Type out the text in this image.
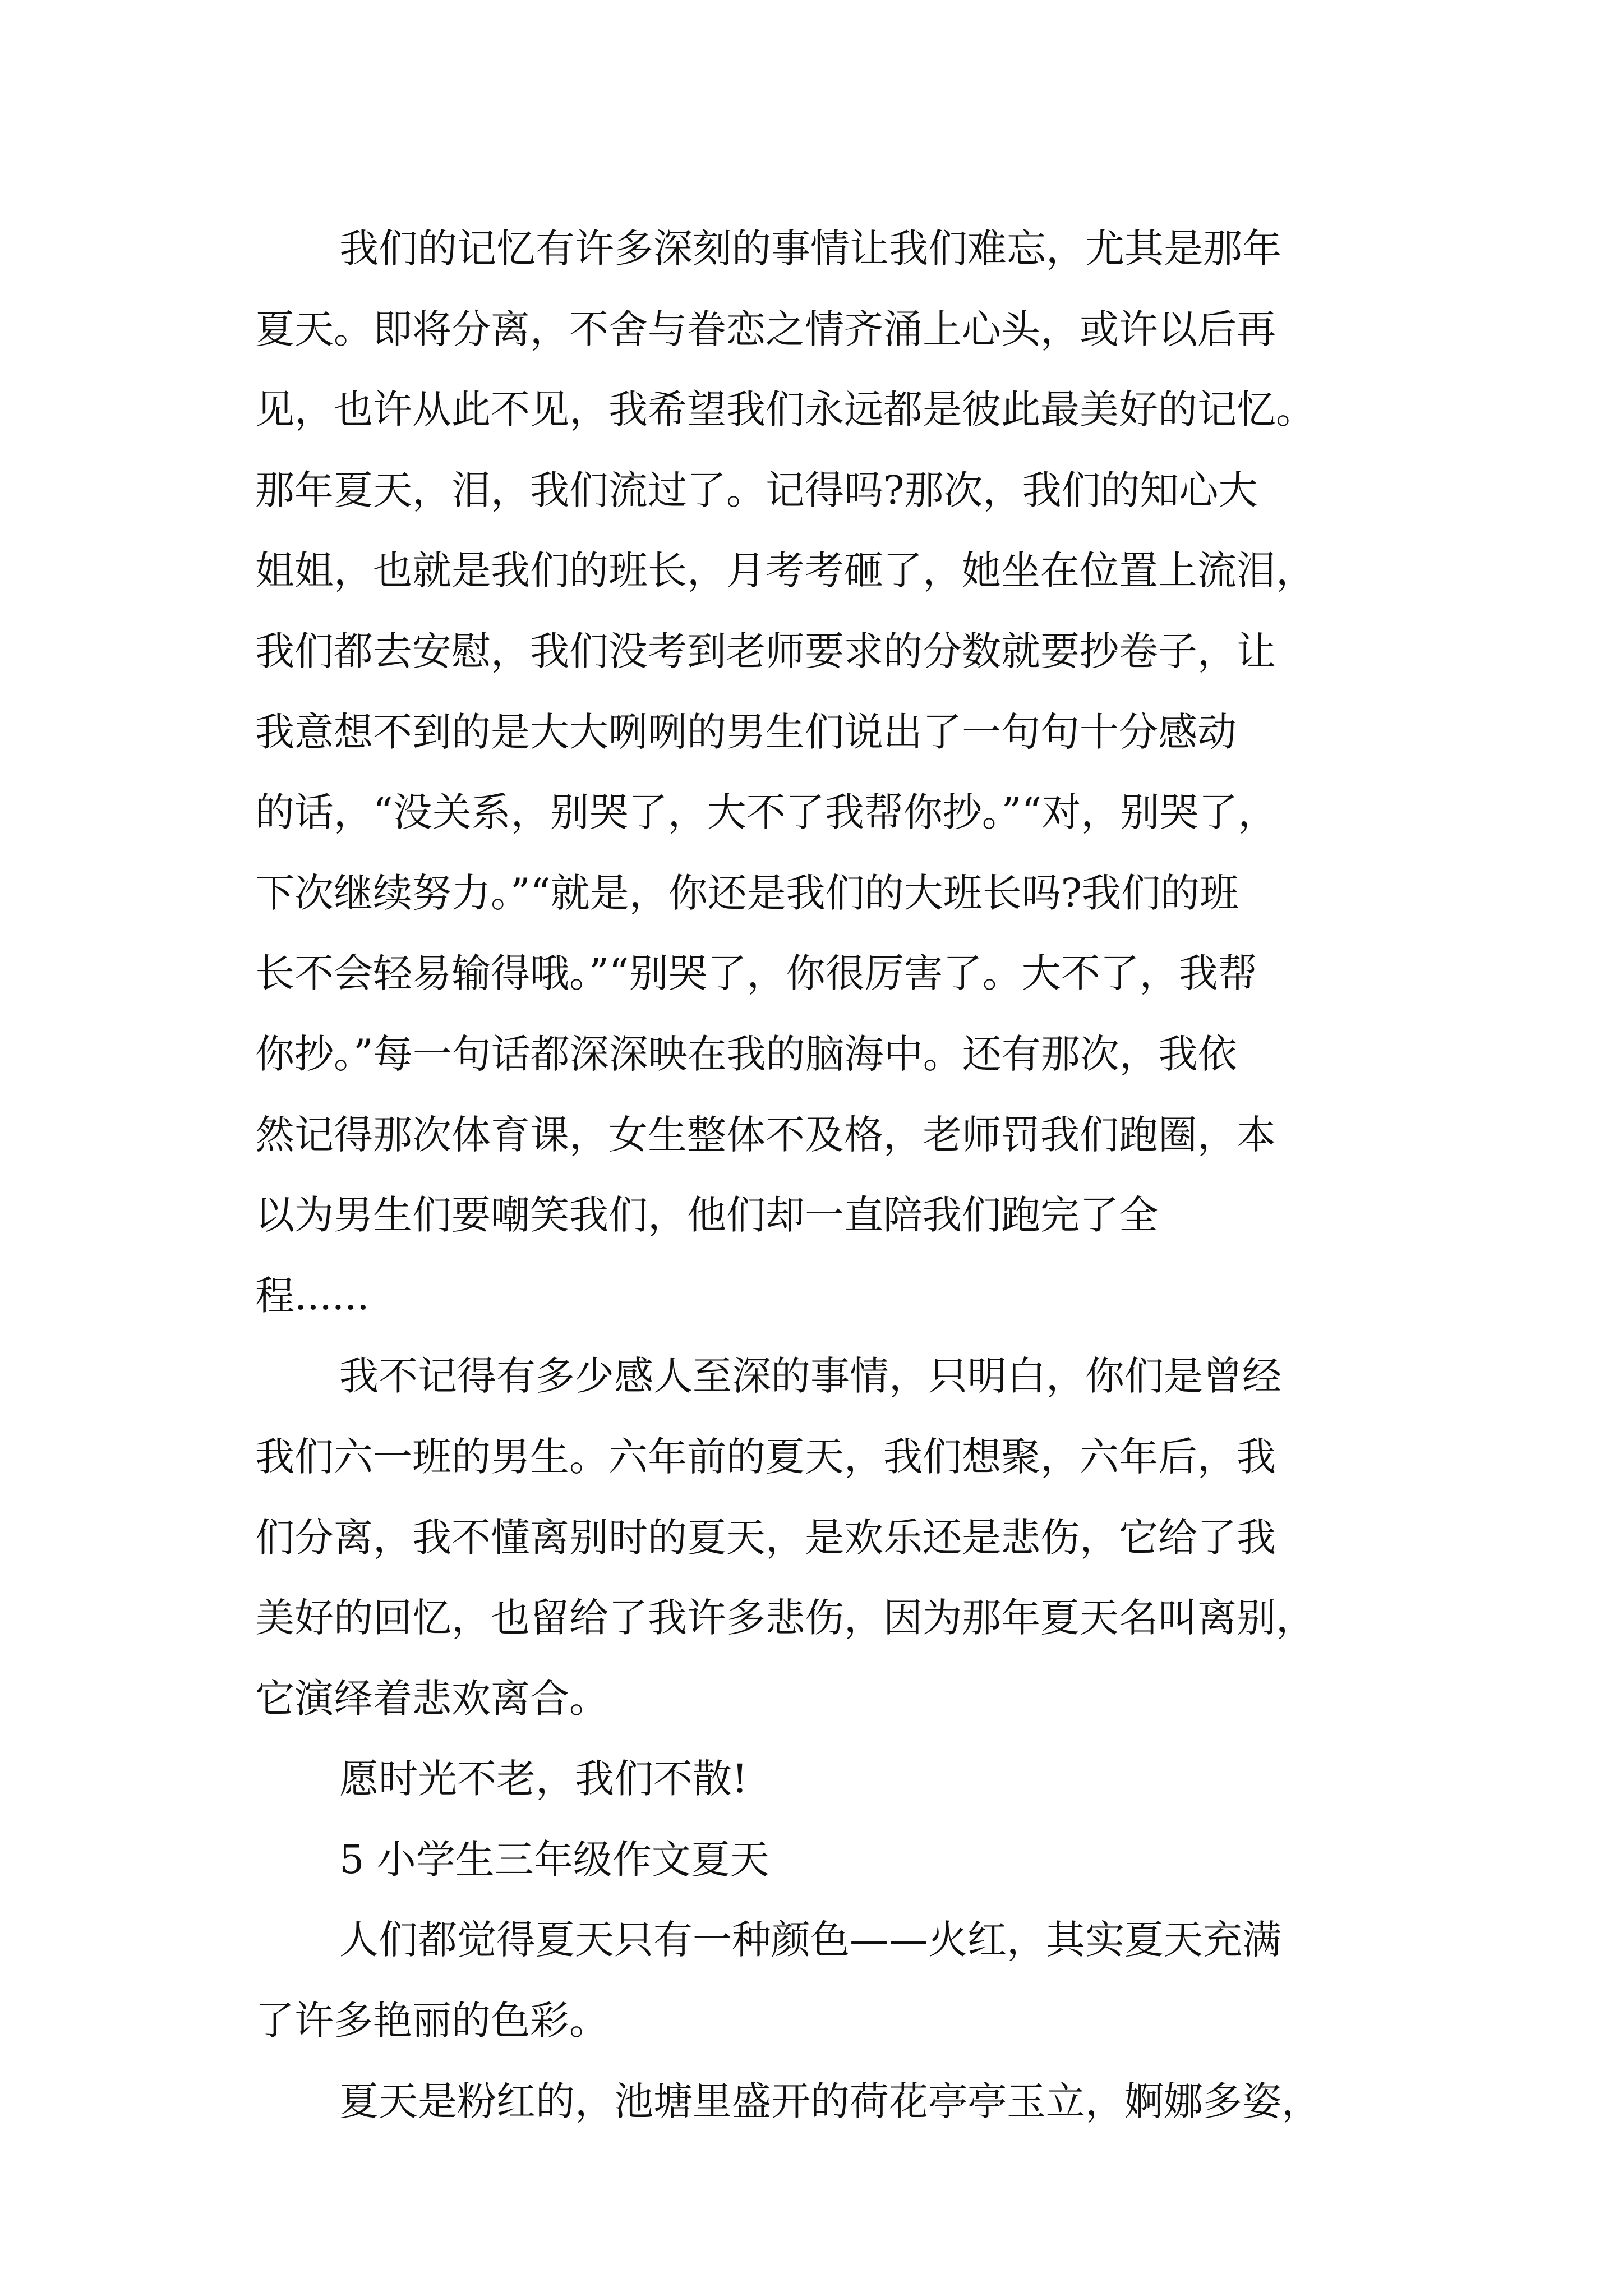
我们的记忆有许多深刻的事情让我们难忘，尤其是那年
夏天。即将分离，不舍与眷恋之情齐涌上心头，或许以后再
见，也许从此不见，我希望我们永远都是彼此最美好的记忆。
那年夏天，泪，我们流过了。记得吗?那次，我们的知心大
姐姐，也就是我们的班长，月考考砸了，她坐在位置上流泪，
我们都去安慰，我们没考到老师要求的分数就要抄卷子，让
我意想不到的是大大咧咧的男生们说出了一句句十分感动
的话，“没关系，别哭了，大不了我帮你抄。”“对，别哭了，
下次继续努力。”“就是，你还是我们的大班长吗?我们的班
长不会轻易输得哦。”“别哭了，你很厉害了。大不了，我帮
你抄。”每一句话都深深映在我的脑海中。还有那次，我依
然记得那次体育课，女生整体不及格，老师罚我们跑圈，本
以为男生们要嘲笑我们，他们却一直陪我们跑完了全
程......
我不记得有多少感人至深的事情，只明白，你们是曾经
我们六一班的男生。六年前的夏天，我们想聚，六年后，我
们分离，我不懂离别时的夏天，是欢乐还是悲伤，它给了我
美好的回忆，也留给了我许多悲伤，因为那年夏天名叫离别，
它演绎着悲欢离合。
愿时光不老，我们不散!
5 小学生三年级作文夏天
人们都觉得夏天只有一种颜色——火红，其实夏天充满
了许多艳丽的色彩。
夏天是粉红的，池塘里盛开的荷花亭亭玉立，婀娜多姿，
